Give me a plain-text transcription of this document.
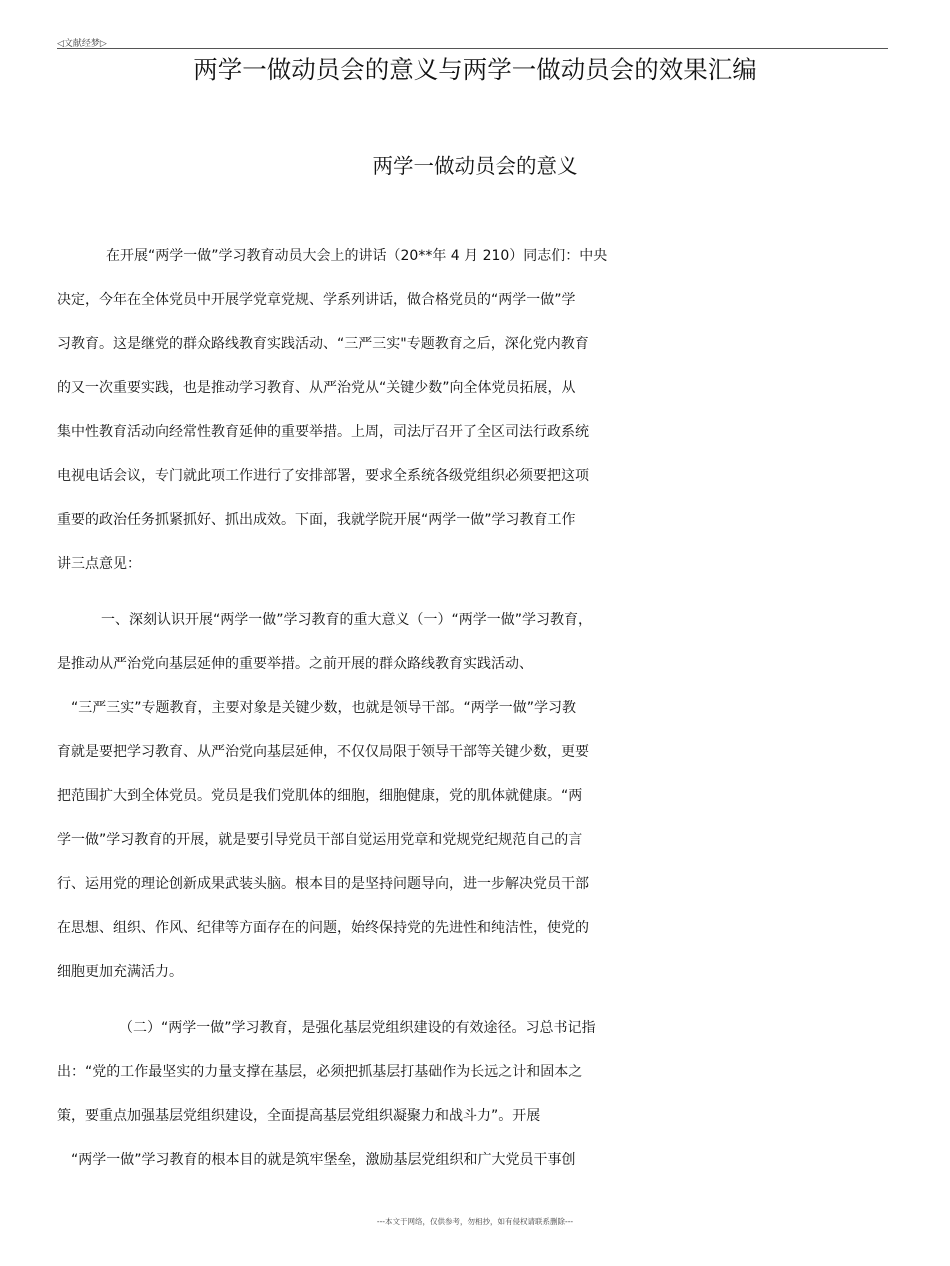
◁文献经梦▷
两学一做动员会的意义与两学一做动员会的效果汇编
两学一做动员会的意义
在开展“两学一做”学习教育动员大会上的讲话（20**年 4 月 210）同志们：中央
决定，今年在全体党员中开展学党章党规、学系列讲话，做合格党员的“两学一做”学
习教育。这是继党的群众路线教育实践活动、“三严三实"专题教育之后，深化党内教育
的又一次重要实践，也是推动学习教育、从严治党从“关键少数”向全体党员拓展，从
集中性教育活动向经常性教育延伸的重要举措。上周，司法厅召开了全区司法行政系统
电视电话会议，专门就此项工作进行了安排部署，要求全系统各级党组织必须要把这项
重要的政治任务抓紧抓好、抓出成效。下面，我就学院开展“两学一做”学习教育工作
讲三点意见：
一、深刻认识开展“两学一做”学习教育的重大意义（一）“两学一做”学习教育，
是推动从严治党向基层延伸的重要举措。之前开展的群众路线教育实践活动、
“三严三实”专题教育，主要对象是关键少数，也就是领导干部。“两学一做”学习教
育就是要把学习教育、从严治党向基层延伸，不仅仅局限于领导干部等关键少数，更要
把范围扩大到全体党员。党员是我们党肌体的细胞，细胞健康，党的肌体就健康。“两
学一做”学习教育的开展，就是要引导党员干部自觉运用党章和党规党纪规范自己的言
行、运用党的理论创新成果武装头脑。根本目的是坚持问题导向，进一步解决党员干部
在思想、组织、作风、纪律等方面存在的问题，始终保持党的先进性和纯洁性，使党的
细胞更加充满活力。
（二）“两学一做”学习教育，是强化基层党组织建设的有效途径。习总书记指
出：“党的工作最坚实的力量支撑在基层，必须把抓基层打基础作为长远之计和固本之
策，要重点加强基层党组织建设，全面提高基层党组织凝聚力和战斗力”。开展
“两学一做”学习教育的根本目的就是筑牢堡垒，激励基层党组织和广大党员干事创
---本文于网络，仅供参考，勿相抄，如有侵权请联系删除---
